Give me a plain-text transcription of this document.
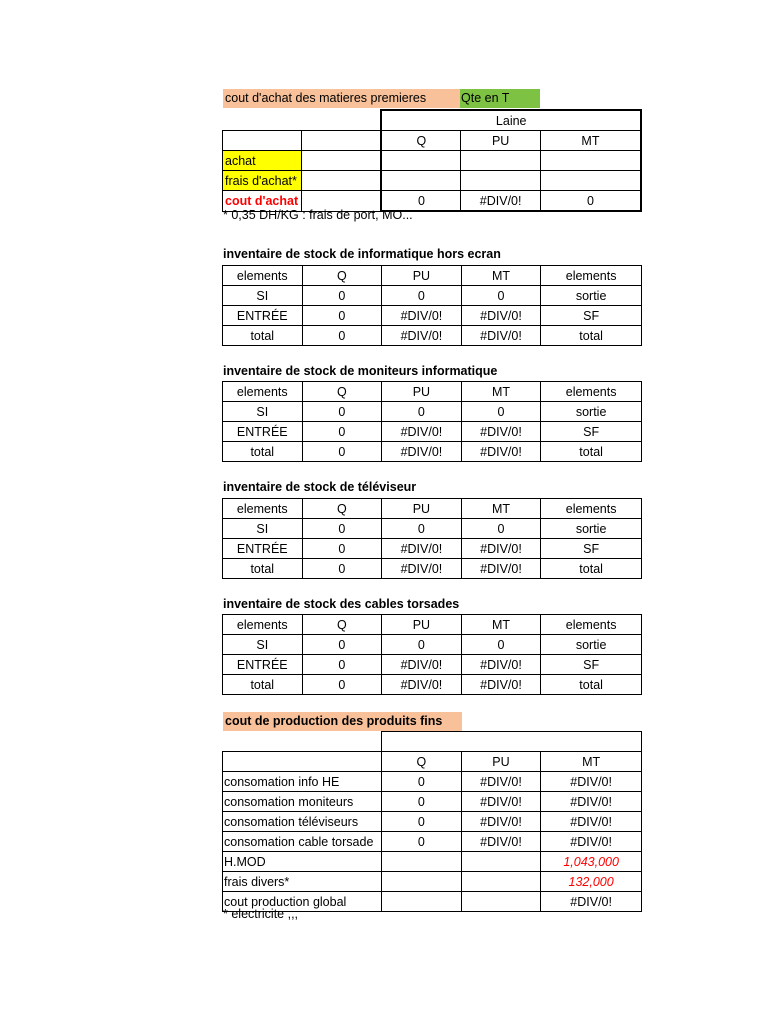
cout d'achat des matieres premieres	Qte en T
		Laine		
		Q	PU	MT
achat				
frais d'achat*				
cout d'achat		0	#DIV/0!	0
* 0,35 DH/KG : frais de port, MO...
inventaire de stock de informatique hors ecran
elements	Q	PU	MT	elements
SI	0	0	0	sortie
ENTRÉE	0	#DIV/0!	#DIV/0!	SF
total	0	#DIV/0!	#DIV/0!	total
inventaire de stock de moniteurs informatique
elements	Q	PU	MT	elements
SI	0	0	0	sortie
ENTRÉE	0	#DIV/0!	#DIV/0!	SF
total	0	#DIV/0!	#DIV/0!	total
inventaire de stock de téléviseur
elements	Q	PU	MT	elements
SI	0	0	0	sortie
ENTRÉE	0	#DIV/0!	#DIV/0!	SF
total	0	#DIV/0!	#DIV/0!	total
inventaire de stock des cables torsades
elements	Q	PU	MT	elements
SI	0	0	0	sortie
ENTRÉE	0	#DIV/0!	#DIV/0!	SF
total	0	#DIV/0!	#DIV/0!	total
cout de production des produits fins

		Q	PU	MT
consomation info HE		0	#DIV/0!	#DIV/0!
consomation moniteurs		0	#DIV/0!	#DIV/0!
consomation téléviseurs		0	#DIV/0!	#DIV/0!
consomation cable torsade		0	#DIV/0!	#DIV/0!
H.MOD				1,043,000
frais divers*				132,000
cout production global				#DIV/0!
* electricite ,,,
